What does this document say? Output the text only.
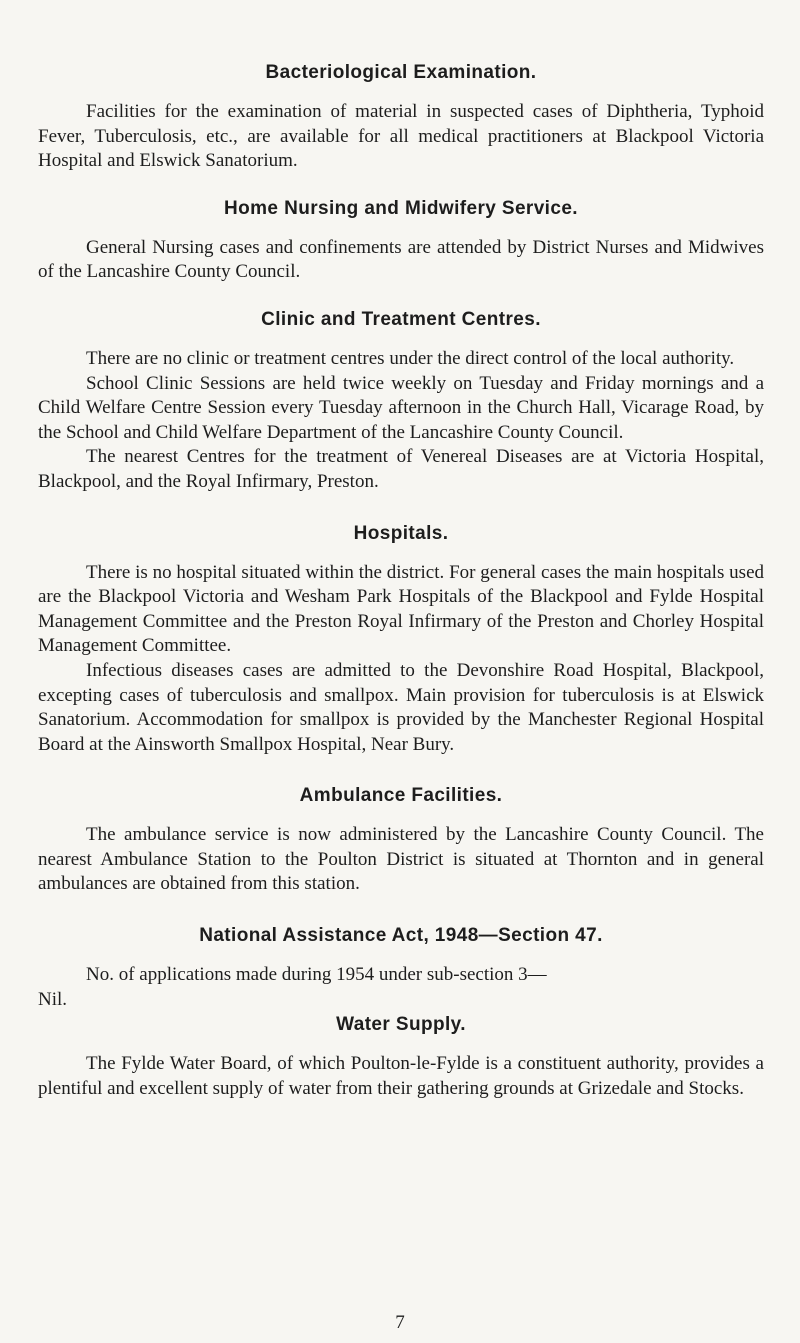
Bacteriological Examination.

Facilities for the examination of material in suspected cases of Diphtheria, Typhoid Fever, Tuberculosis, etc., are available for all medical practitioners at Blackpool Victoria Hospital and Elswick Sanatorium.

Home Nursing and Midwifery Service.

General Nursing cases and confinements are attended by District Nurses and Midwives of the Lancashire County Council.

Clinic and Treatment Centres.

There are no clinic or treatment centres under the direct control of the local authority.

School Clinic Sessions are held twice weekly on Tuesday and Friday mornings and a Child Welfare Centre Session every Tuesday afternoon in the Church Hall, Vicarage Road, by the School and Child Welfare Department of the Lancashire County Council.

The nearest Centres for the treatment of Venereal Diseases are at Victoria Hospital, Blackpool, and the Royal Infirmary, Preston.

Hospitals.

There is no hospital situated within the district. For general cases the main hospitals used are the Blackpool Victoria and Wesham Park Hospitals of the Blackpool and Fylde Hospital Management Committee and the Preston Royal Infirmary of the Preston and Chorley Hospital Management Committee.

Infectious diseases cases are admitted to the Devonshire Road Hospital, Blackpool, excepting cases of tuberculosis and smallpox. Main provision for tuberculosis is at Elswick Sanatorium. Accommodation for smallpox is provided by the Manchester Regional Hospital Board at the Ainsworth Smallpox Hospital, Near Bury.

Ambulance Facilities.

The ambulance service is now administered by the Lancashire County Council. The nearest Ambulance Station to the Poulton District is situated at Thornton and in general ambulances are obtained from this station.

National Assistance Act, 1948—Section 47.

No. of applications made during 1954 under sub-section 3—

Nil.

Water Supply.

The Fylde Water Board, of which Poulton-le-Fylde is a constituent authority, provides a plentiful and excellent supply of water from their gathering grounds at Grizedale and Stocks.

7
